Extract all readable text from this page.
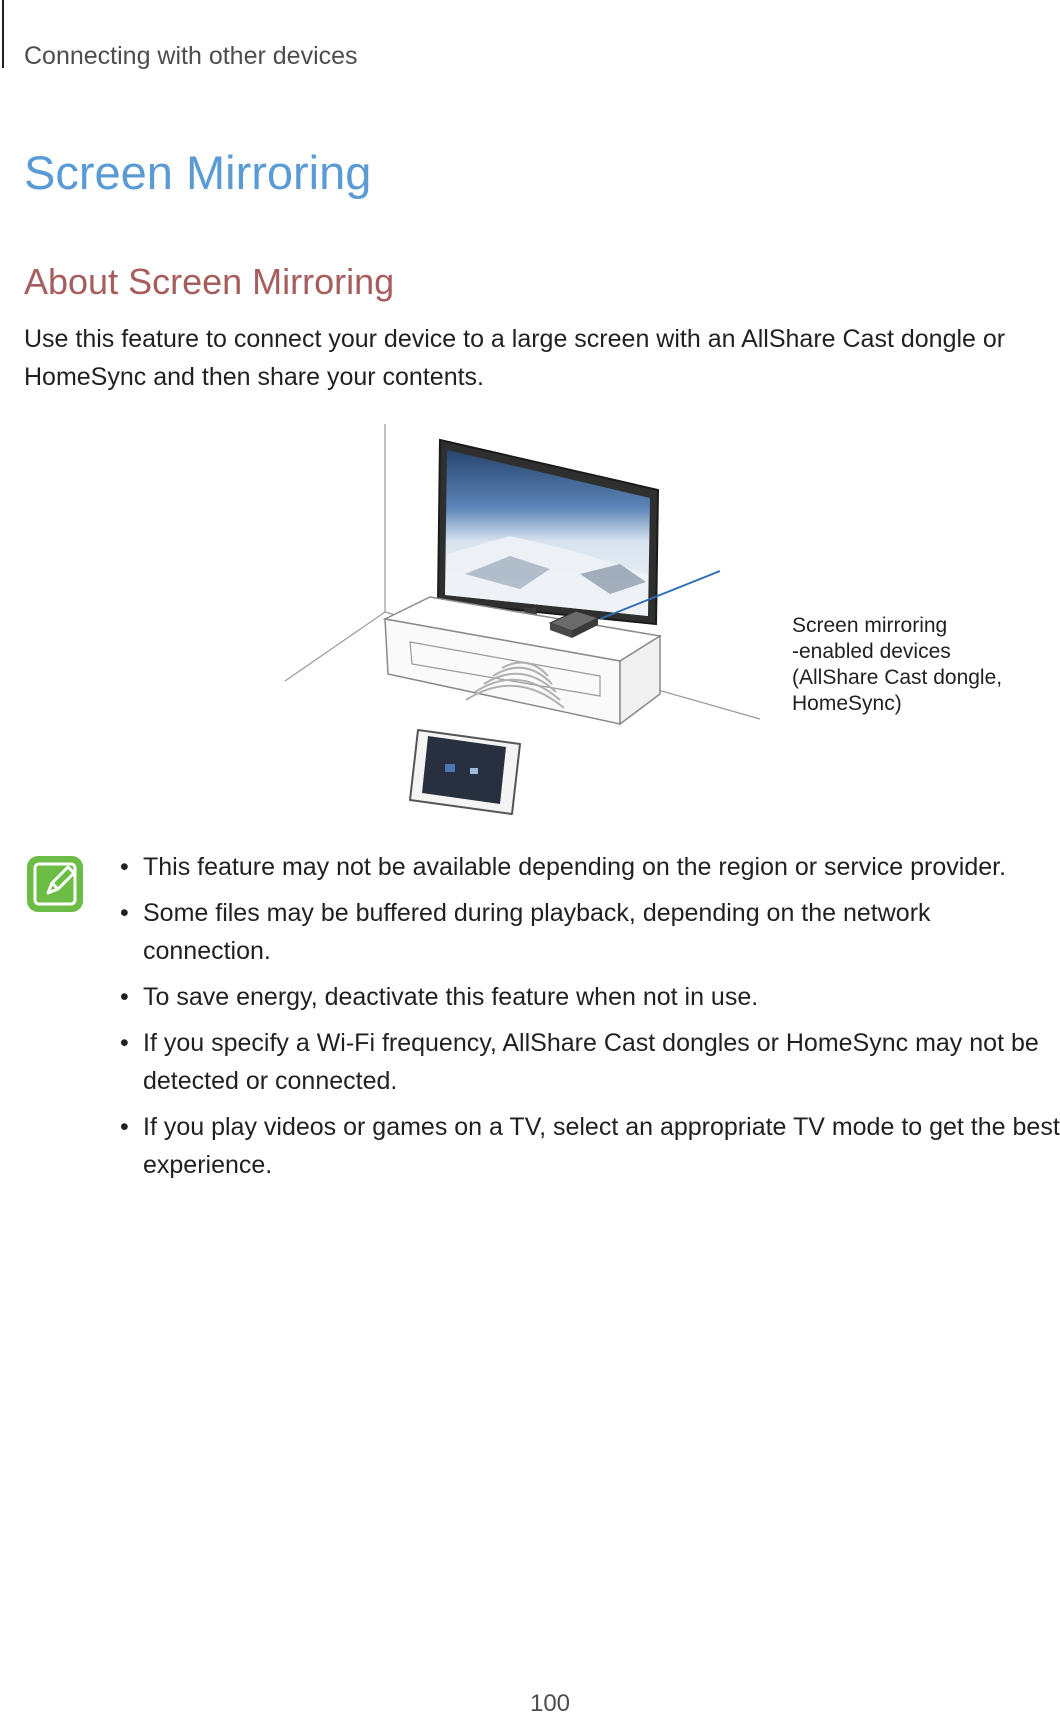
Connecting with other devices
Screen Mirroring
About Screen Mirroring

Use this feature to connect your device to a large screen with an AllShare Cast dongle or HomeSync and then share your contents.

Screen mirroring
-enabled devices
(AllShare Cast dongle,
HomeSync)
• This feature may not be available depending on the region or service provider.
• Some files may be buffered during playback, depending on the network connection.
• To save energy, deactivate this feature when not in use.
• If you specify a Wi-Fi frequency, AllShare Cast dongles or HomeSync may not be detected or connected.
• If you play videos or games on a TV, select an appropriate TV mode to get the best experience.
100
